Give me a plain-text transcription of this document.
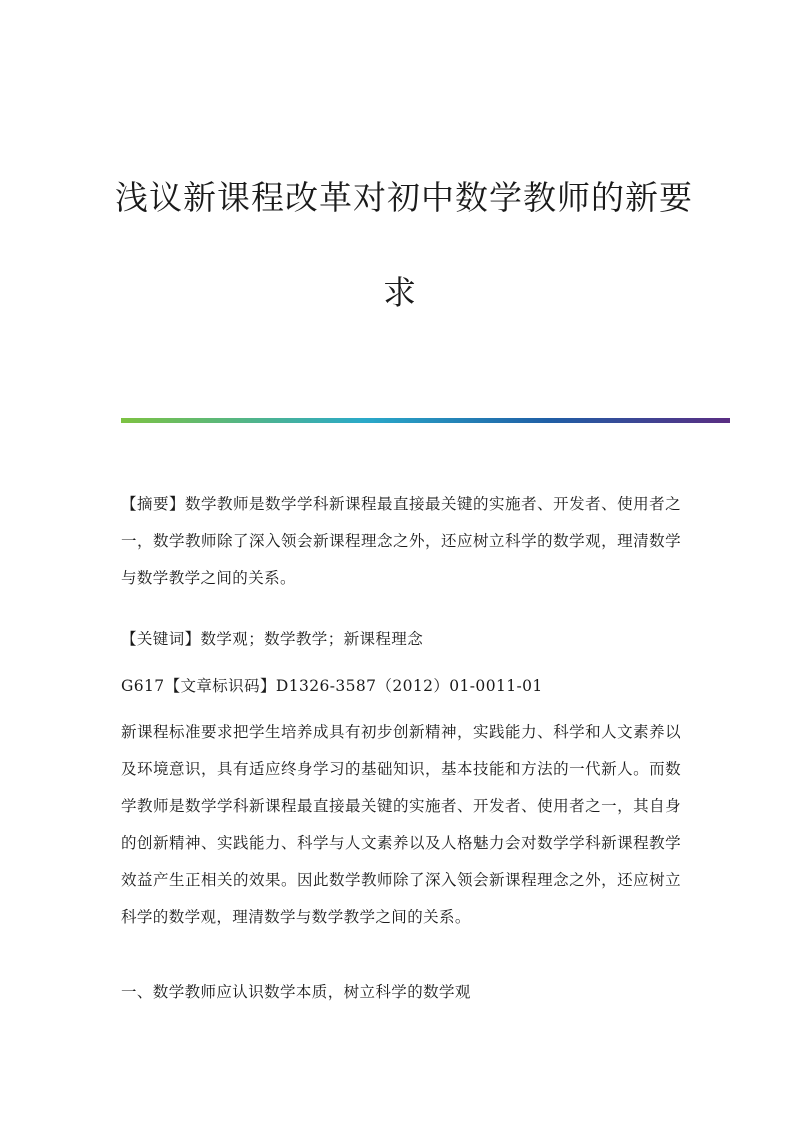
浅议新课程改革对初中数学教师的新要
求

【摘要】数学教师是数学学科新课程最直接最关键的实施者、开发者、使用者之一，数学教师除了深入领会新课程理念之外，还应树立科学的数学观，理清数学与数学教学之间的关系。

【关键词】数学观；数学教学；新课程理念

G617【文章标识码】D1326-3587（2012）01-0011-01

新课程标准要求把学生培养成具有初步创新精神，实践能力、科学和人文素养以及环境意识，具有适应终身学习的基础知识，基本技能和方法的一代新人。而数学教师是数学学科新课程最直接最关键的实施者、开发者、使用者之一，其自身的创新精神、实践能力、科学与人文素养以及人格魅力会对数学学科新课程教学效益产生正相关的效果。因此数学教师除了深入领会新课程理念之外，还应树立科学的数学观，理清数学与数学教学之间的关系。

一、数学教师应认识数学本质，树立科学的数学观
